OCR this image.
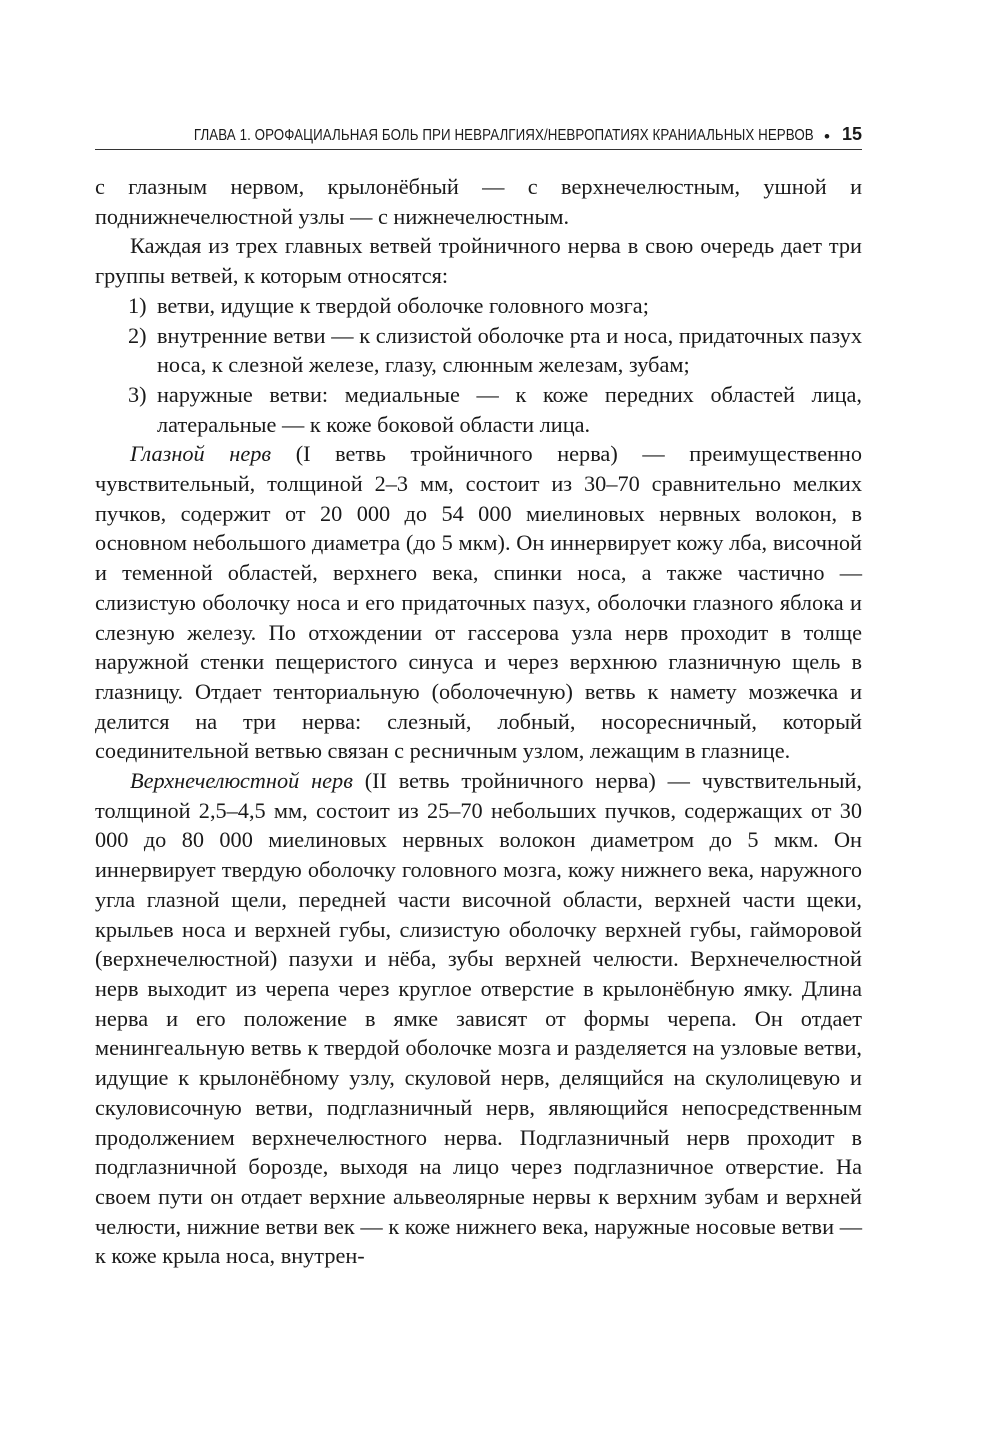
ГЛАВА 1. ОРОФАЦИАЛЬНАЯ БОЛЬ ПРИ НЕВРАЛГИЯХ/НЕВРОПАТИЯХ КРАНИАЛЬНЫХ НЕРВОВ • 15

с глазным нервом, крылонёбный — с верхнечелюстным, ушной и поднижнечелюстной узлы — с нижнечелюстным.

Каждая из трех главных ветвей тройничного нерва в свою очередь дает три группы ветвей, к которым относятся:

1) ветви, идущие к твердой оболочке головного мозга;
2) внутренние ветви — к слизистой оболочке рта и носа, придаточных пазух носа, к слезной железе, глазу, слюнным железам, зубам;
3) наружные ветви: медиальные — к коже передних областей лица, латеральные — к коже боковой области лица.

Глазной нерв (I ветвь тройничного нерва) — преимущественно чувствительный, толщиной 2–3 мм, состоит из 30–70 сравнительно мелких пучков, содержит от 20 000 до 54 000 миелиновых нервных волокон, в основном небольшого диаметра (до 5 мкм). Он иннервирует кожу лба, височной и теменной областей, верхнего века, спинки носа, а также частично — слизистую оболочку носа и его придаточных пазух, оболочки глазного яблока и слезную железу. По отхождении от гассерова узла нерв проходит в толще наружной стенки пещеристого синуса и через верхнюю глазничную щель в глазницу. Отдает тенториальную (оболочечную) ветвь к намету мозжечка и делится на три нерва: слезный, лобный, носоресничный, который соединительной ветвью связан с ресничным узлом, лежащим в глазнице.

Верхнечелюстной нерв (II ветвь тройничного нерва) — чувствительный, толщиной 2,5–4,5 мм, состоит из 25–70 небольших пучков, содержащих от 30 000 до 80 000 миелиновых нервных волокон диаметром до 5 мкм. Он иннервирует твердую оболочку головного мозга, кожу нижнего века, наружного угла глазной щели, передней части височной области, верхней части щеки, крыльев носа и верхней губы, слизистую оболочку верхней губы, гайморовой (верхнечелюстной) пазухи и нёба, зубы верхней челюсти. Верхнечелюстной нерв выходит из черепа через круглое отверстие в крылонёбную ямку. Длина нерва и его положение в ямке зависят от формы черепа. Он отдает менингеальную ветвь к твердой оболочке мозга и разделяется на узловые ветви, идущие к крылонёбному узлу, скуловой нерв, делящийся на скулолицевую и скуловисочную ветви, подглазничный нерв, являющийся непосредственным продолжением верхнечелюстного нерва. Подглазничный нерв проходит в подглазничной борозде, выходя на лицо через подглазничное отверстие. На своем пути он отдает верхние альвеолярные нервы к верхним зубам и верхней челюсти, нижние ветви век — к коже нижнего века, наружные носовые ветви — к коже крыла носа, внутрен-
